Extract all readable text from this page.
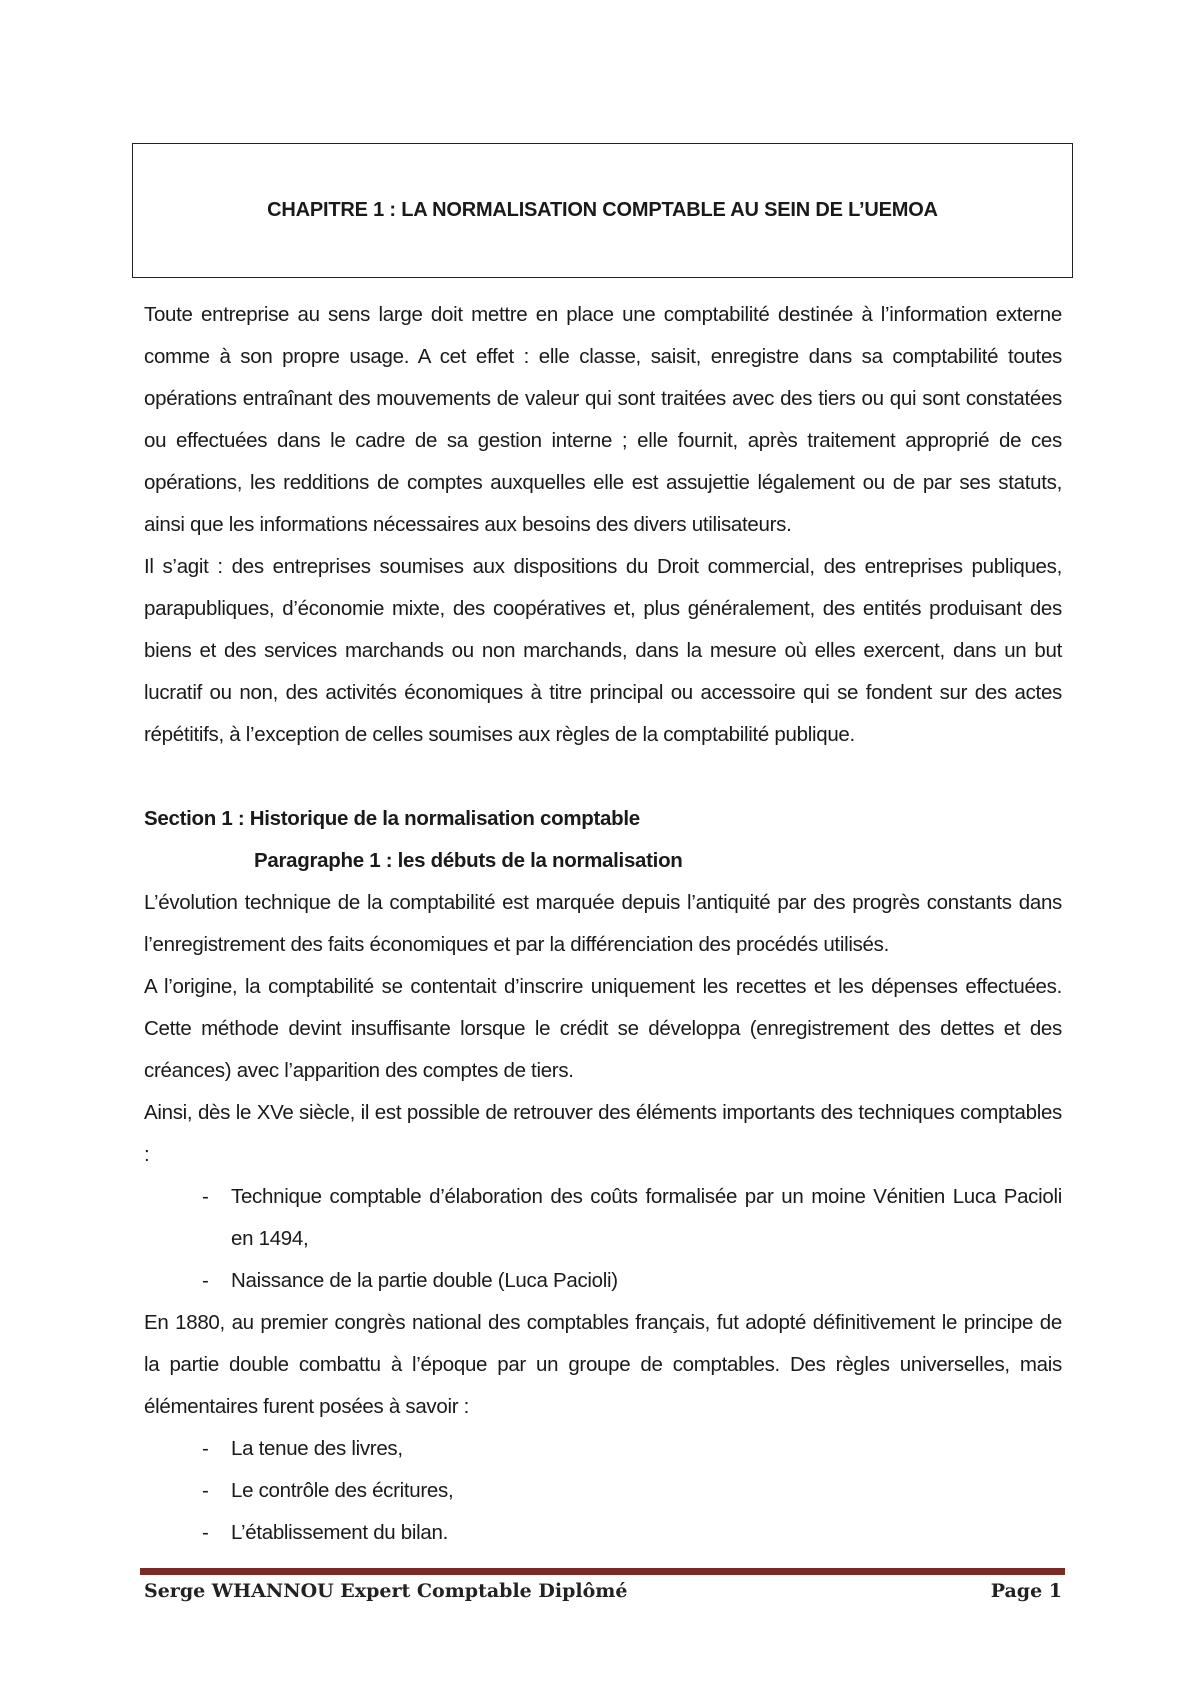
CHAPITRE 1 : LA NORMALISATION COMPTABLE AU SEIN DE L’UEMOA

Toute entreprise au sens large doit mettre en place une comptabilité destinée à l’information externe comme à son propre usage. A cet effet : elle classe, saisit, enregistre dans sa comptabilité toutes opérations entraînant des mouvements de valeur qui sont traitées avec des tiers ou qui sont constatées ou effectuées dans le cadre de sa gestion interne ; elle fournit, après traitement approprié de ces opérations, les redditions de comptes auxquelles elle est assujettie légalement ou de par ses statuts, ainsi que les informations nécessaires aux besoins des divers utilisateurs.

Il s’agit : des entreprises soumises aux dispositions du Droit commercial, des entreprises publiques, parapubliques, d’économie mixte, des coopératives et, plus généralement, des entités produisant des biens et des services marchands ou non marchands, dans la mesure où elles exercent, dans un but lucratif ou non, des activités économiques à titre principal ou accessoire qui se fondent sur des actes répétitifs, à l’exception de celles soumises aux règles de la comptabilité publique.

Section 1 : Historique de la normalisation comptable

Paragraphe 1 : les débuts de la normalisation

L’évolution technique de la comptabilité est marquée depuis l’antiquité par des progrès constants dans l’enregistrement des faits économiques et par la différenciation des procédés utilisés.

A l’origine, la comptabilité se contentait d’inscrire uniquement les recettes et les dépenses effectuées. Cette méthode devint insuffisante lorsque le crédit se développa (enregistrement des dettes et des créances) avec l’apparition des comptes de tiers.

Ainsi, dès le XVe siècle, il est possible de retrouver des éléments importants des techniques comptables :

- Technique comptable d’élaboration des coûts formalisée par un moine Vénitien Luca Pacioli en 1494,
- Naissance de la partie double (Luca Pacioli)

En 1880, au premier congrès national des comptables français, fut adopté définitivement le principe de la partie double combattu à l’époque par un groupe de comptables. Des règles universelles, mais élémentaires furent posées à savoir :

- La tenue des livres,
- Le contrôle des écritures,
- L’établissement du bilan.
Serge WHANNOU Expert Comptable Diplômé	Page 1
